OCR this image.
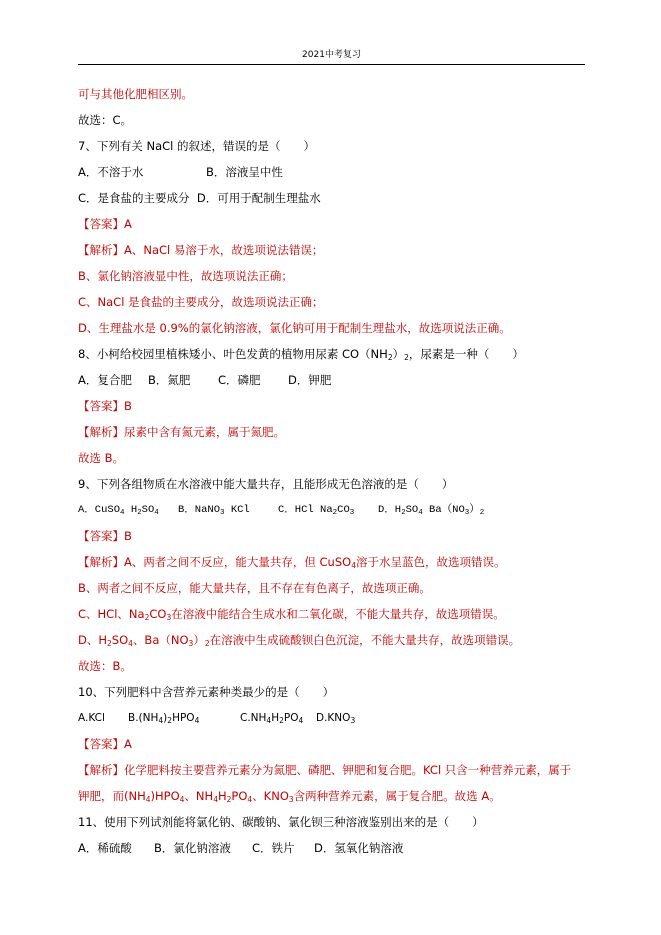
2021中考复习
可与其他化肥相区别。
故选：C。
7、下列有关 NaCl 的叙述，错误的是（　　）
A．不溶于水	B．溶液呈中性
C．是食盐的主要成分 D．可用于配制生理盐水
【答案】A
【解析】A、NaCl 易溶于水，故选项说法错误；
B、氯化钠溶液显中性，故选项说法正确；
C、NaCl 是食盐的主要成分，故选项说法正确；
D、生理盐水是 0.9%的氯化钠溶液，氯化钠可用于配制生理盐水，故选项说法正确。
8、小柯给校园里植株矮小、叶色发黄的植物用尿素 $CO(NH_2)_2$，尿素是一种（　　）
A．复合肥 B．氮肥 C．磷肥 D．钾肥
【答案】B
【解析】尿素中含有氮元素，属于氮肥。
故选 B。
9、下列各组物质在水溶液中能大量共存，且能形成无色溶液的是（　　）
A．CuSO$_4$ $H_2SO_4$ B．NaNO$_3$ KCl	C．HCl $Na_2CO_3$ D．$H_2SO_4$ $Ba(NO_3)_2$
【答案】B
【解析】A、两者之间不反应，能大量共存，但 CuSO$_4$溶于水呈蓝色，故选项错误。
B、两者之间不反应，能大量共存，且不存在有色离子，故选项正确。
C、HCl、$Na_2CO_3$在溶液中能结合生成水和二氧化碳，不能大量共存，故选项错误。
D、$H_2SO_4$、$Ba(NO_3)_2$在溶液中生成硫酸钡白色沉淀，不能大量共存，故选项错误。
故选：B。
10、下列肥料中含营养元素种类最少的是（　　）
A.KCl $B.(NH_4)_2HPO_4$	$C.NH_4H_2PO_4$ $D.KNO_3$
【答案】A
【解析】化学肥料按主要营养元素分为氮肥、磷肥、钾肥和复合肥。KCl 只含一种营养元素，属于
钾肥，而$(NH_4)HPO_4$、$NH_4H_2PO_4$、$KNO_3$含两种营养元素，属于复合肥。故选 A。
11、使用下列试剂能将氯化钠、碳酸钠、氯化钡三种溶液鉴别出来的是（　　）
A．稀硫酸 B．氯化钠溶液 C．铁片 D．氢氧化钠溶液
